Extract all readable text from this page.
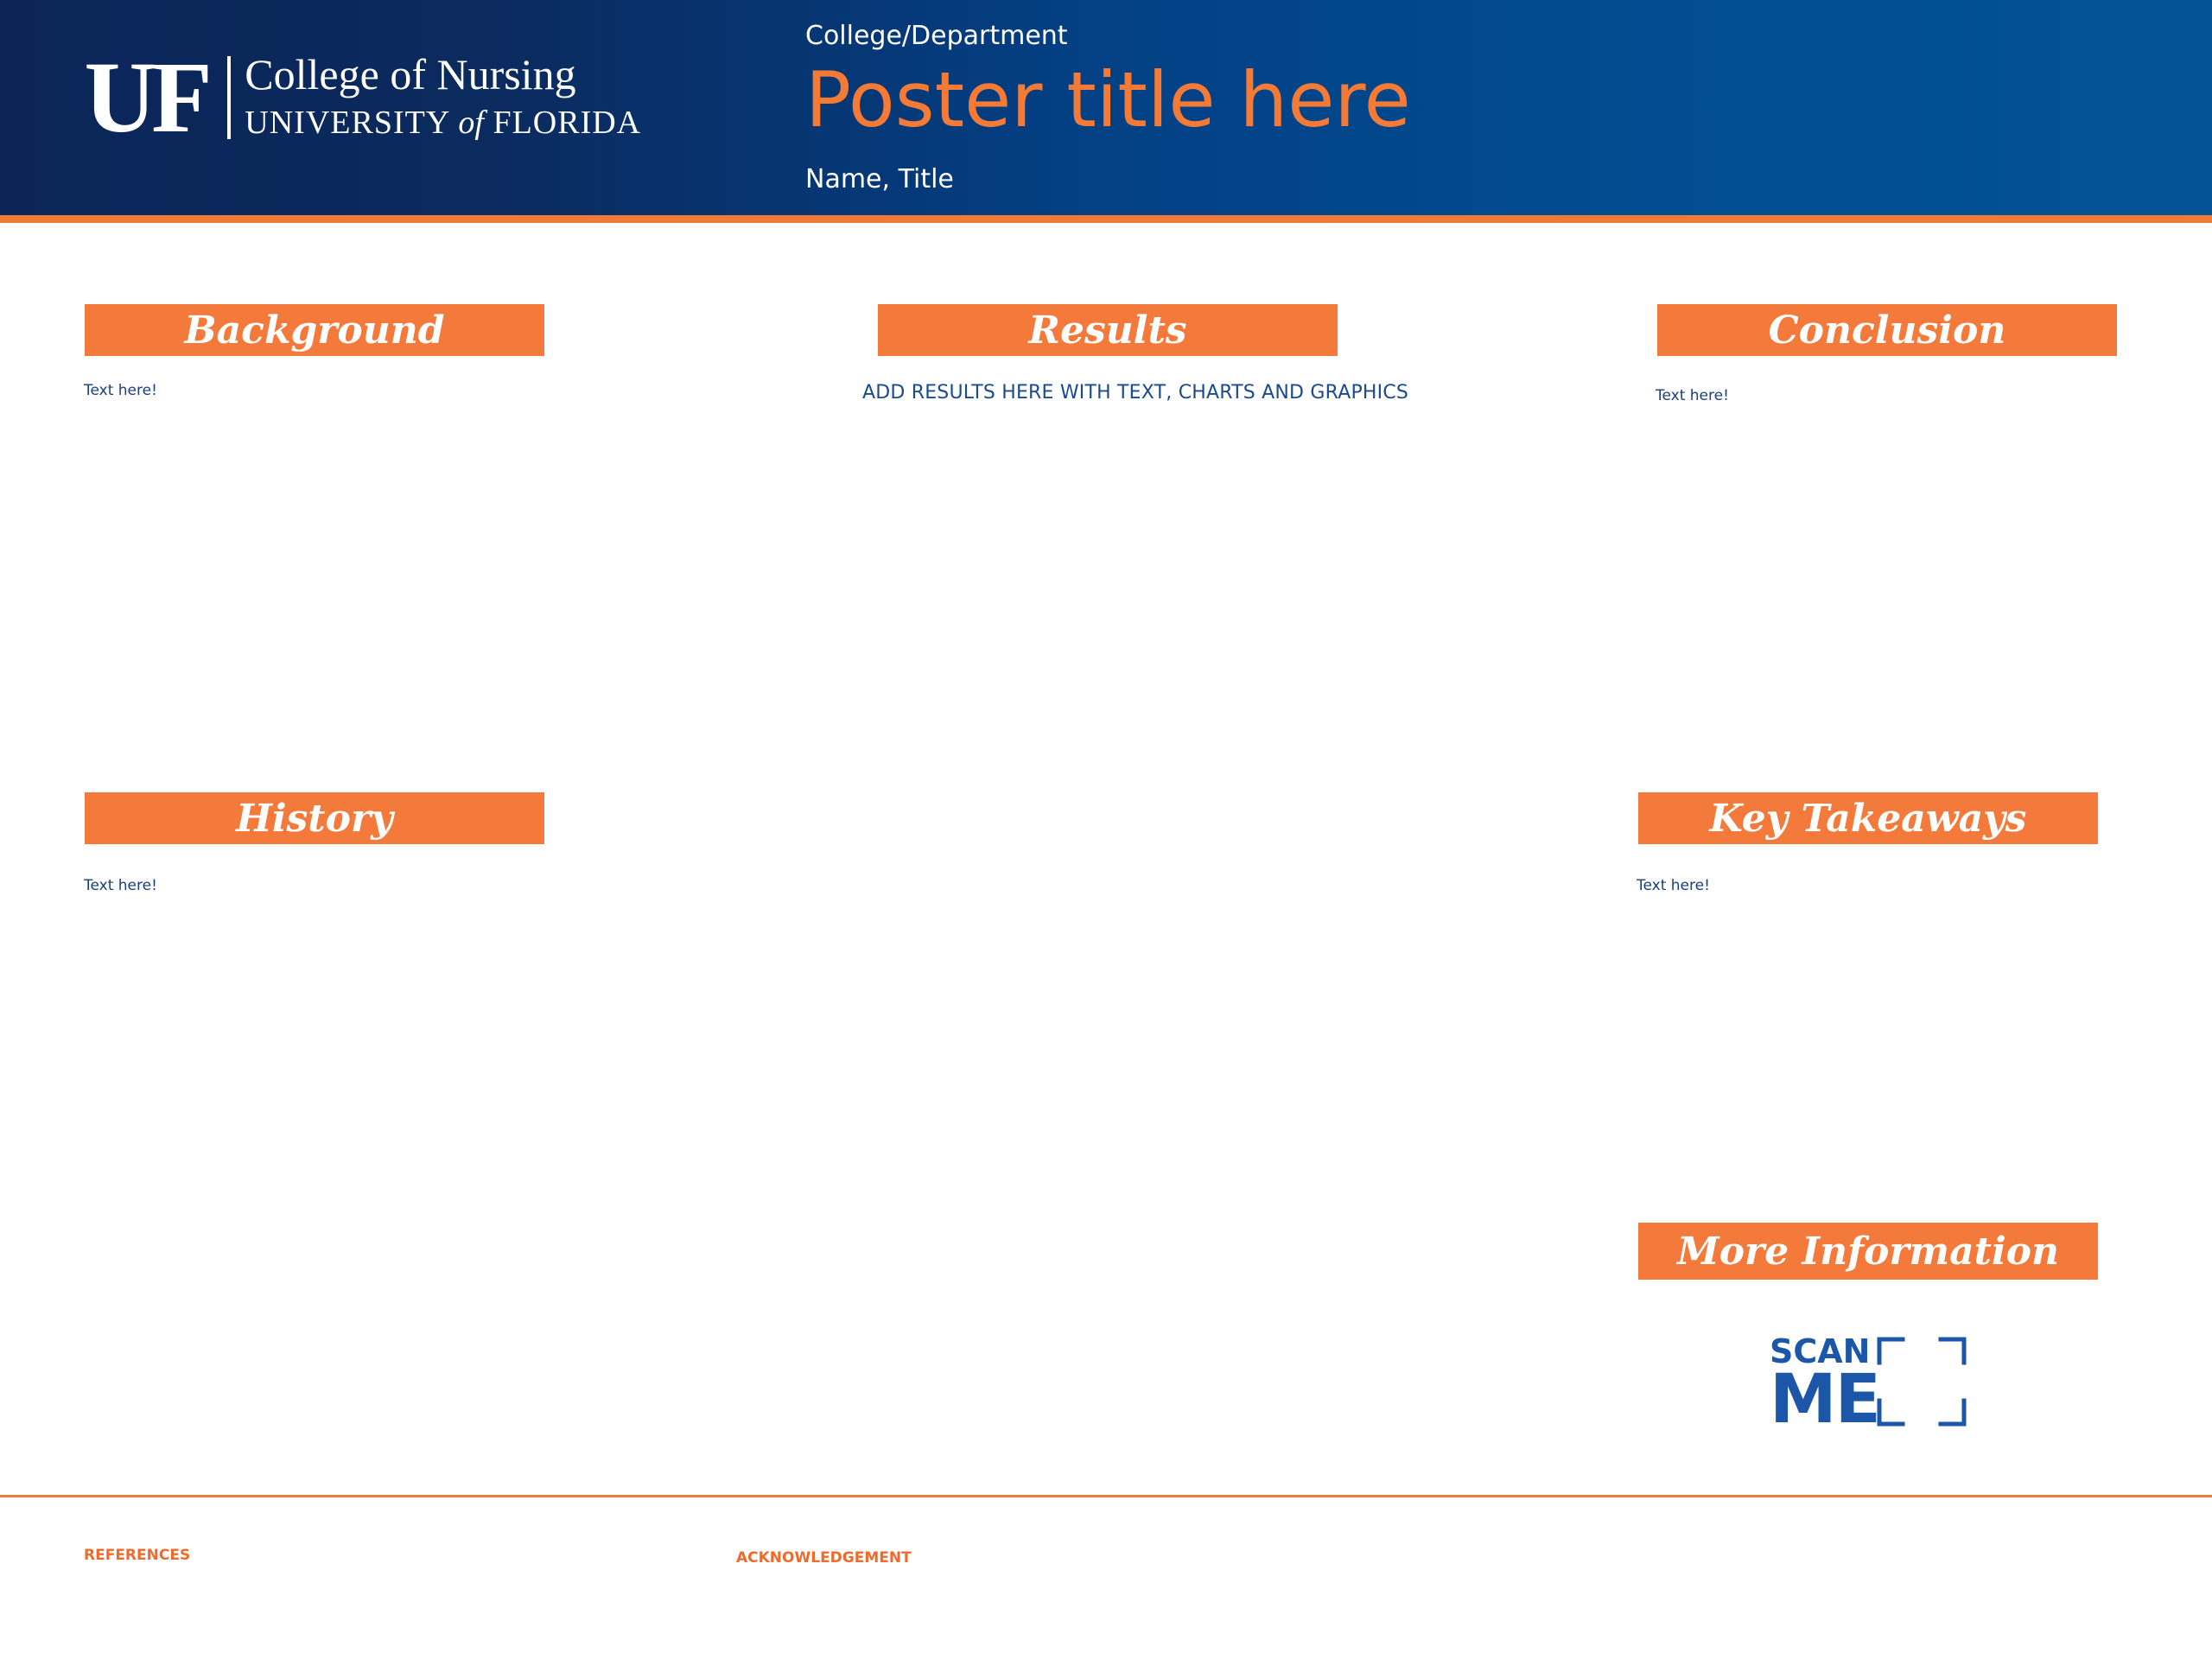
UF College of Nursing
UNIVERSITY of FLORIDA
College/Department
Poster title here
Name, Title
Background
Text here!
Results
ADD RESULTS HERE WITH TEXT, CHARTS AND GRAPHICS
Conclusion
Text here!
History
Text here!
Key Takeaways
Text here!
More Information
SCAN
ME
REFERENCES	ACKNOWLEDGEMENT
